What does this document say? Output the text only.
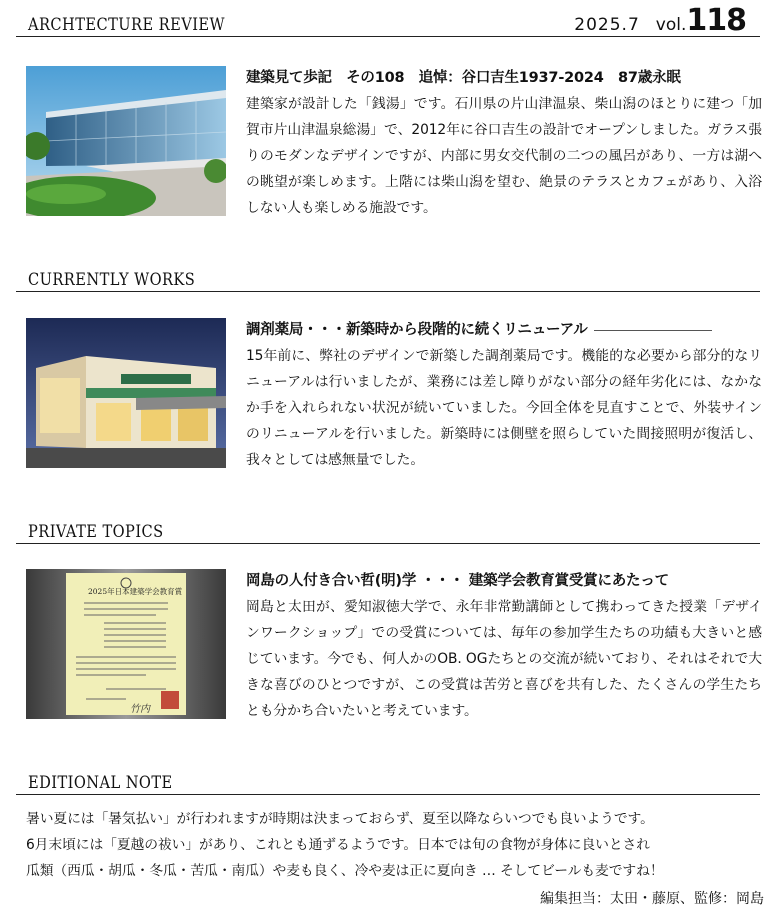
ARCHTECTURE REVIEW	2025.7 vol.118
建築見て歩記　その108　追悼：谷口吉生1937-2024　87歳永眠
建築家が設計した「銭湯」です。石川県の片山津温泉、柴山潟のほとりに建つ「加賀市片山津温泉総湯」で、2012年に谷口吉生の設計でオープンしました。ガラス張りのモダンなデザインですが、内部に男女交代制の二つの風呂があり、一方は湖への眺望が楽しめます。上階には柴山潟を望む、絶景のテラスとカフェがあり、入浴しない人も楽しめる施設です。
CURRENTLY WORKS
調剤薬局・・・新築時から段階的に続くリニューアル
15年前に、弊社のデザインで新築した調剤薬局です。機能的な必要から部分的なリニューアルは行いましたが、業務には差し障りがない部分の経年劣化には、なかなか手を入れられない状況が続いていました。今回全体を見直すことで、外装サインのリニューアルを行いました。新築時には側壁を照らしていた間接照明が復活し、我々としては感無量でした。
PRIVATE TOPICS
2025年日本建築学会教育賞
竹内
岡島の人付き合い哲(明)学 ・・・ 建築学会教育賞受賞にあたって
岡島と太田が、愛知淑徳大学で、永年非常勤講師として携わってきた授業「デザインワークショップ」での受賞については、毎年の参加学生たちの功績も大きいと感じています。今でも、何人かのOB. OGたちとの交流が続いており、それはそれで大きな喜びのひとつですが、この受賞は苦労と喜びを共有した、たくさんの学生たちとも分かち合いたいと考えています。
EDITIONAL NOTE
暑い夏には「暑気払い」が行われますが時期は決まっておらず、夏至以降ならいつでも良いようです。
6月末頃には「夏越の祓い」があり、これとも通ずるようです。日本では旬の食物が身体に良いとされ
瓜類（西瓜・胡瓜・冬瓜・苦瓜・南瓜）や麦も良く、冷や麦は正に夏向き … そしてビールも麦ですね！
編集担当：太田・藤原、監修：岡島
